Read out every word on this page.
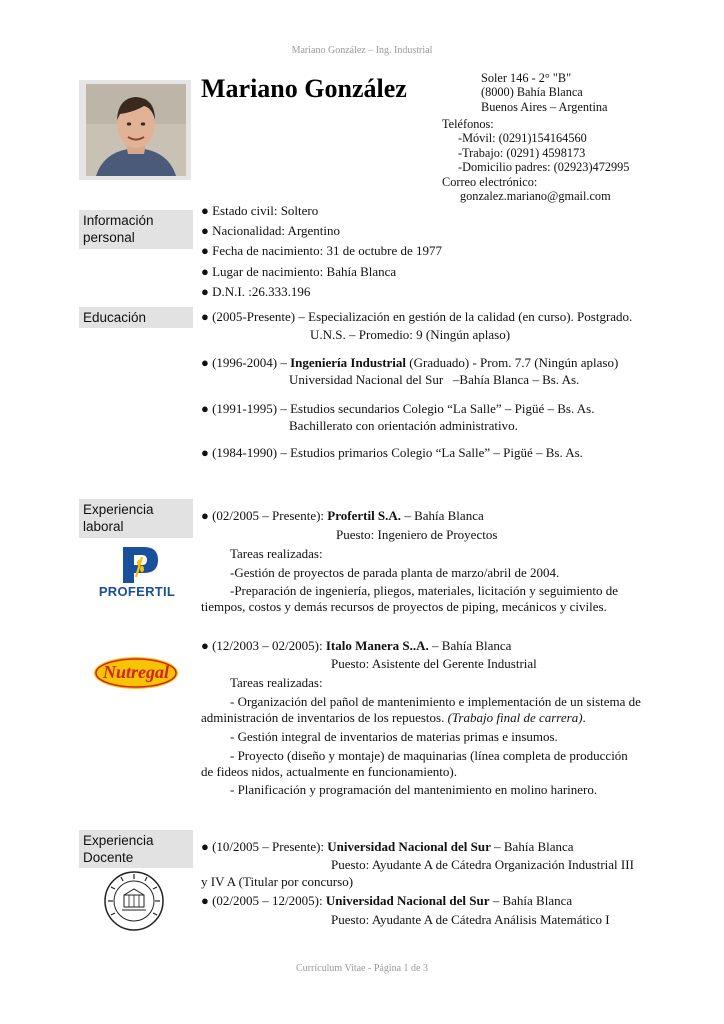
Mariano González – Ing. Industrial
Currículum Vitae - Página 1 de 3
Mariano González	Soler 146 - 2° "B"
(8000) Bahía Blanca
Buenos Aires – Argentina
Teléfonos:
-Móvil: (0291)154164560
-Trabajo: (0291) 4598173
-Domicilio padres: (02923)472995
Correo electrónico:
gonzalez.mariano@gmail.com
Información
personal
● Estado civil: Soltero
● Nacionalidad: Argentino
● Fecha de nacimiento: 31 de octubre de 1977
● Lugar de nacimiento: Bahía Blanca
● D.N.I. :26.333.196
Educación	● (2005-Presente) – Especialización en gestión de la calidad (en curso). Postgrado.
U.N.S. – Promedio: 9 (Ningún aplaso)
● (1996-2004) – Ingeniería Industrial (Graduado) - Prom. 7.7 (Ningún aplaso)
Universidad Nacional del Sur   –Bahía Blanca – Bs. As.
● (1991-1995) – Estudios secundarios Colegio “La Salle” – Pigüé – Bs. As.
Bachillerato con orientación administrativo.
● (1984-1990) – Estudios primarios Colegio “La Salle” – Pigüé – Bs. As.
Experiencia
laboral
PROFERTIL
● (02/2005 – Presente): Profertil S.A. – Bahía Blanca
Puesto: Ingeniero de Proyectos
Tareas realizadas:
-Gestión de proyectos de parada planta de marzo/abril de 2004.
-Preparación de ingeniería, pliegos, materiales, licitación y seguimiento de
tiempos, costos y demás recursos de proyectos de piping, mecánicos y civiles.
Nutregal
● (12/2003 – 02/2005): Italo Manera S..A. – Bahía Blanca
Puesto: Asistente del Gerente Industrial
Tareas realizadas:
- Organización del pañol de mantenimiento e implementación de un sistema de
administración de inventarios de los repuestos. (Trabajo final de carrera).
- Gestión integral de inventarios de materias primas e insumos.
- Proyecto (diseño y montaje) de maquinarias (línea completa de producción
de fideos nidos, actualmente en funcionamiento).
- Planificación y programación del mantenimiento en molino harinero.
Experiencia
Docente
● (10/2005 – Presente): Universidad Nacional del Sur – Bahía Blanca
Puesto: Ayudante A de Cátedra Organización Industrial III
y IV A (Titular por concurso)
● (02/2005 – 12/2005): Universidad Nacional del Sur – Bahía Blanca
Puesto: Ayudante A de Cátedra Análisis Matemático I
